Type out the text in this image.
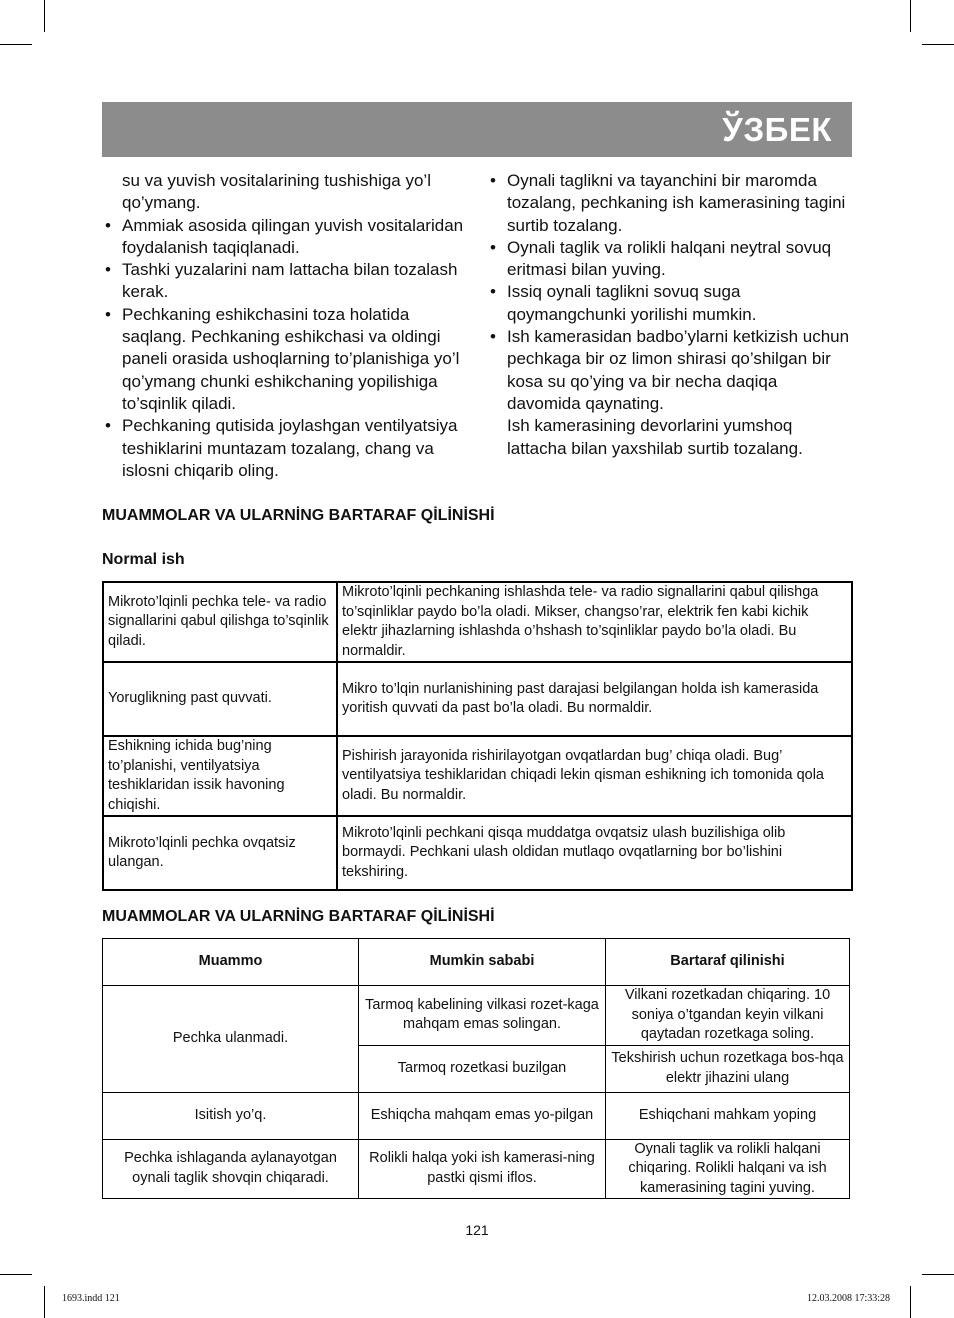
ЎЗБЕК

su va yuvish vositalarining tushishiga yo’l qo’ymang.

• Ammiak asosida qilingan yuvish vositalaridan foydalanish taqiqlanadi.
• Tashki yuzalarini nam lattacha bilan tozalash kerak.
• Pechkaning eshikchasini toza holatida saqlang. Pechkaning eshikchasi va oldingi paneli orasida ushoqlarning to’planishiga yo’l qo’ymang chunki eshikchaning yopilishiga to’sqinlik qiladi.
• Pechkaning qutisida joylashgan ventilyatsiya teshiklarini muntazam tozalang, chang va islosni chiqarib oling.
• Oynali taglikni va tayanchini bir maromda tozalang, pechkaning ish kamerasining tagini surtib tozalang.
• Oynali taglik va rolikli halqani neytral sovuq eritmasi bilan yuving.
• Issiq oynali taglikni sovuq suga qoymangchunki yorilishi mumkin.
• Ish kamerasidan badbo’ylarni ketkizish uchun pechkaga bir oz limon shirasi qo’shilgan bir kosa su qo’ying va bir necha daqiqa davomida qaynating.

Ish kamerasining devorlarini yumshoq lattacha bilan yaxshilab surtib tozalang.

MUAMMOLAR VA ULARNİNG BARTARAF QİLİNİSHİ
Normal ish
Mikroto’lqinli pechka tele- va radio signallarini qabul qilishga to’sqinlik qiladi.	Mikroto’lqinli pechkaning ishlashda tele- va radio signallarini qabul qilishga to’sqinliklar paydo bo’la oladi. Mikser, changso’rar, elektrik fen kabi kichik elektr jihazlarning ishlashda o’hshash to’sqinliklar paydo bo’la oladi. Bu normaldir.
Yoruglikning past quvvati.	Mikro to’lqin nurlanishining past darajasi belgilangan holda ish kamerasida yoritish quvvati da past bo’la oladi. Bu normaldir.
Eshikning ichida bug’ning to’planishi, ventilyatsiya teshiklaridan issik havoning chiqishi.	Pishirish jarayonida rishirilayotgan ovqatlardan bug’ chiqa oladi. Bug’ ventilyatsiya teshiklaridan chiqadi lekin qisman eshikning ich tomonida qola oladi. Bu normaldir.
Mikroto’lqinli pechka ovqatsiz ulangan.	Mikroto’lqinli pechkani qisqa muddatga ovqatsiz ulash buzilishiga olib bormaydi. Pechkani ulash oldidan mutlaqo ovqatlarning bor bo’lishini tekshiring.
MUAMMOLAR VA ULARNİNG BARTARAF QİLİNİSHİ
Muammo	Mumkin sababi	Bartaraf qilinishi
Pechka ulanmadi.	Tarmoq kabelining vilkasi rozet-kaga mahqam emas solingan.	Vilkani rozetkadan chiqaring. 10 soniya o’tgandan keyin vilkani qaytadan rozetkaga soling.
	Tarmoq rozetkasi buzilgan	Tekshirish uchun rozetkaga bos-hqa elektr jihazini ulang
Isitish yo’q.	Eshiqcha mahqam emas yo-pilgan	Eshiqchani mahkam yoping
Pechka ishlaganda aylanayotgan oynali taglik shovqin chiqaradi.	Rolikli halqa yoki ish kamerasi-ning pastki qismi iflos.	Oynali taglik va rolikli halqani chiqaring. Rolikli halqani va ish kamerasining tagini yuving.
121
1693.indd 121	12.03.2008 17:33:28
